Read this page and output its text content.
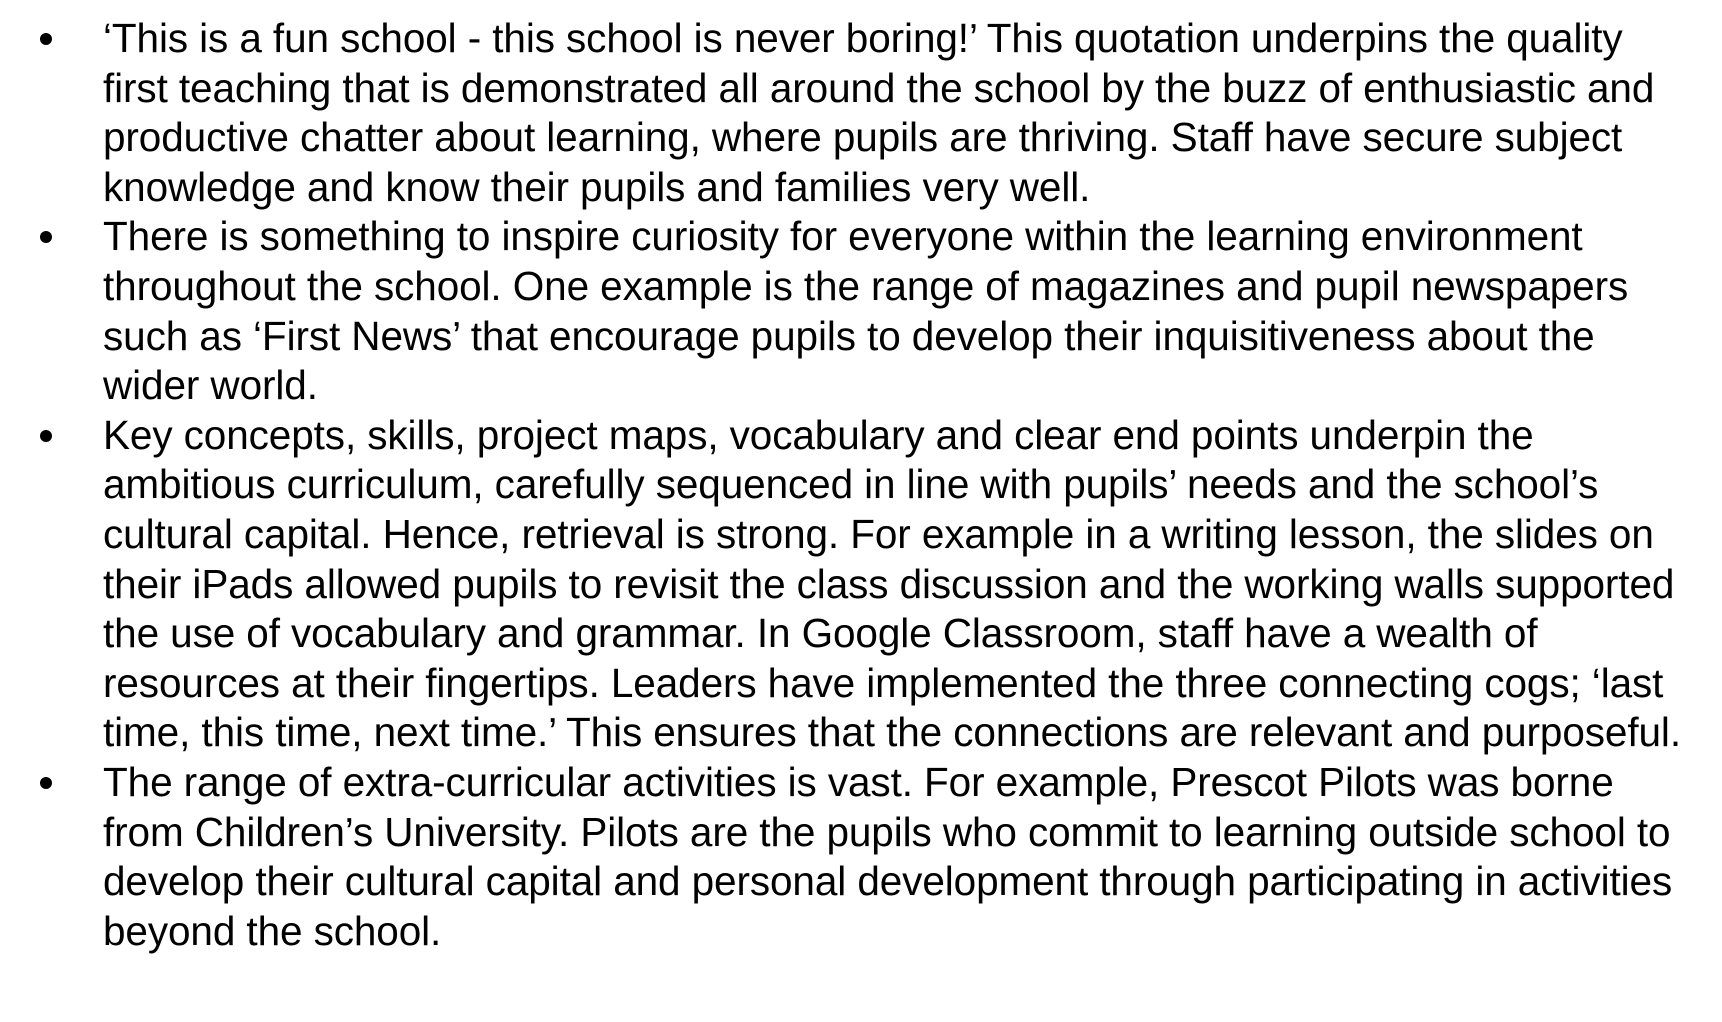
‘This is a fun school - this school is never boring!’ This quotation underpins the quality first teaching that is demonstrated all around the school by the buzz of enthusiastic and productive chatter about learning, where pupils are thriving. Staff have secure subject knowledge and know their pupils and families very well.
There is something to inspire curiosity for everyone within the learning environment throughout the school. One example is the range of magazines and pupil newspapers such as ‘First News’ that encourage pupils to develop their inquisitiveness about the wider world.
Key concepts, skills, project maps, vocabulary and clear end points underpin the ambitious curriculum, carefully sequenced in line with pupils’ needs and the school’s cultural capital. Hence, retrieval is strong. For example in a writing lesson, the slides on their iPads allowed pupils to revisit the class discussion and the working walls supported the use of vocabulary and grammar. In Google Classroom, staff have a wealth of resources at their fingertips. Leaders have implemented the three connecting cogs; ‘last time, this time, next time.’ This ensures that the connections are relevant and purposeful.
The range of extra-curricular activities is vast. For example, Prescot Pilots was borne from Children’s University. Pilots are the pupils who commit to learning outside school to develop their cultural capital and personal development through participating in activities beyond the school.
